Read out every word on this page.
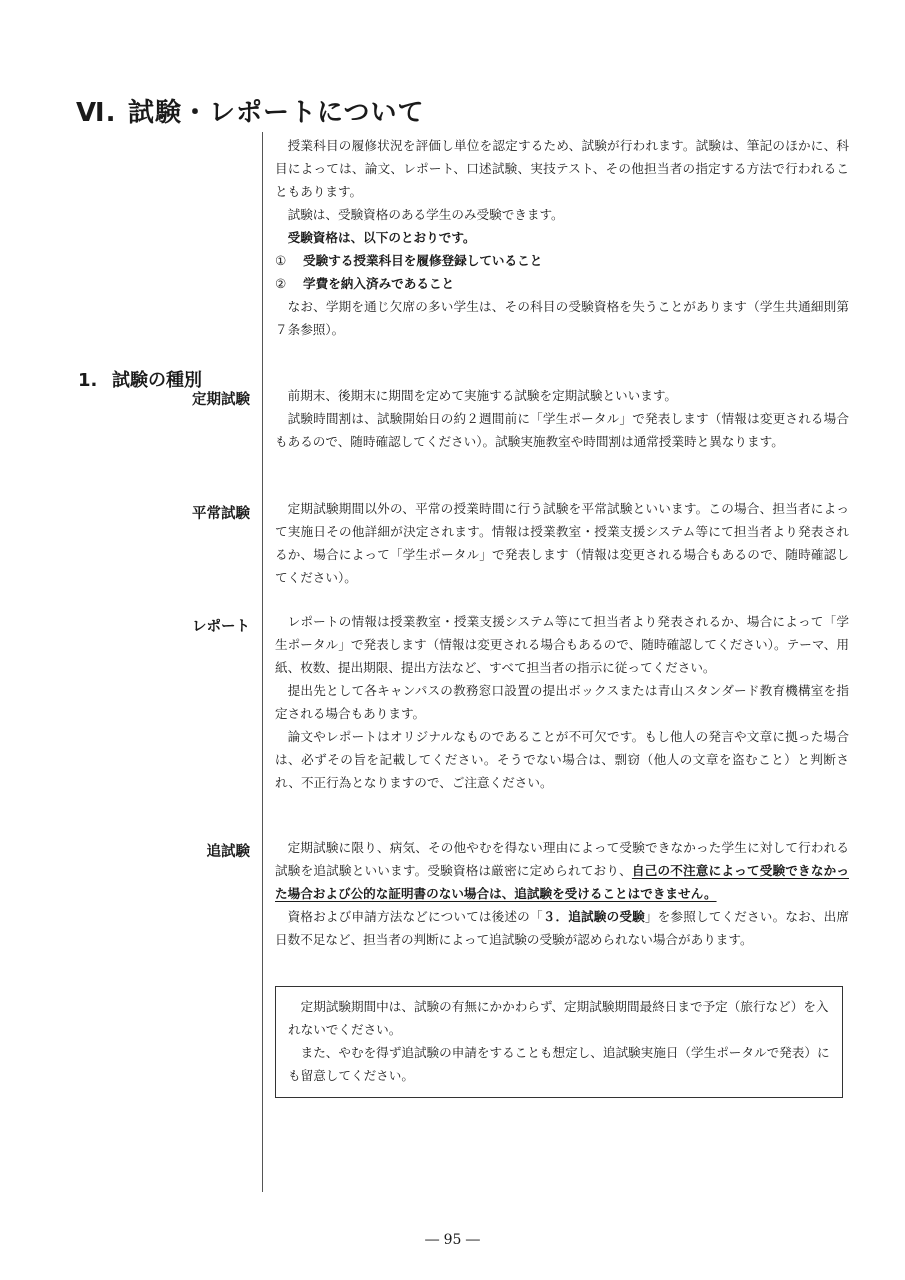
Ⅵ. 試験・レポートについて

授業科目の履修状況を評価し単位を認定するため、試験が行われます。試験は、筆記のほかに、科目によっては、論文、レポート、口述試験、実技テスト、その他担当者の指定する方法で行われることもあります。

試験は、受験資格のある学生のみ受験できます。

受験資格は、以下のとおりです。

① 受験する授業科目を履修登録していること

② 学費を納入済みであること

なお、学期を通じ欠席の多い学生は、その科目の受験資格を失うことがあります（学生共通細則第７条参照）。

1. 試験の種別
定期試験	前期末、後期末に期間を定めて実施する試験を定期試験といいます。

試験時間割は、試験開始日の約２週間前に「学生ポータル」で発表します（情報は変更される場合もあるので、随時確認してください）。試験実施教室や時間割は通常授業時と異なります。

平常試験	定期試験期間以外の、平常の授業時間に行う試験を平常試験といいます。この場合、担当者によって実施日その他詳細が決定されます。情報は授業教室・授業支援システム等にて担当者より発表されるか、場合によって「学生ポータル」で発表します（情報は変更される場合もあるので、随時確認してください）。

レポート	レポートの情報は授業教室・授業支援システム等にて担当者より発表されるか、場合によって「学生ポータル」で発表します（情報は変更される場合もあるので、随時確認してください）。テーマ、用紙、枚数、提出期限、提出方法など、すべて担当者の指示に従ってください。

提出先として各キャンパスの教務窓口設置の提出ボックスまたは青山スタンダード教育機構室を指定される場合もあります。

論文やレポートはオリジナルなものであることが不可欠です。もし他人の発言や文章に拠った場合は、必ずその旨を記載してください。そうでない場合は、剽窃（他人の文章を盗むこと）と判断され、不正行為となりますので、ご注意ください。

追試験	定期試験に限り、病気、その他やむを得ない理由によって受験できなかった学生に対して行われる試験を追試験といいます。受験資格は厳密に定められており、自己の不注意によって受験できなかった場合および公的な証明書のない場合は、追試験を受けることはできません。

資格および申請方法などについては後述の「３．追試験の受験」を参照してください。なお、出席日数不足など、担当者の判断によって追試験の受験が認められない場合があります。

定期試験期間中は、試験の有無にかかわらず、定期試験期間最終日まで予定（旅行など）を入れないでください。

また、やむを得ず追試験の申請をすることも想定し、追試験実施日（学生ポータルで発表）にも留意してください。

― 95 ―
